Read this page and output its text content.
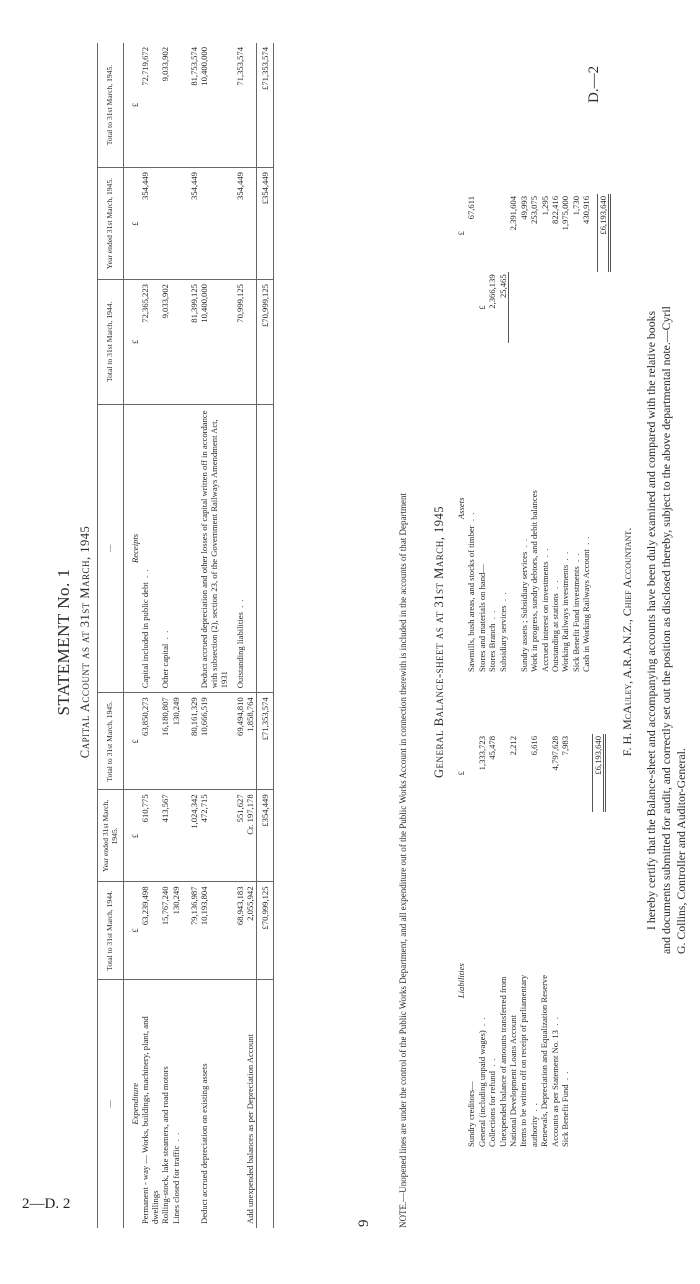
2—D. 2
9
D.—2
STATEMENT No. 1 Capital Account as at 31st March, 1945
—	Total to 31st March, 1944.	Year ended 31st March, 1945.	Total to 31st March, 1945.	—	Total to 31st March, 1944.	Year ended 31st March, 1945.	Total to 31st March, 1945.
Expenditure	£	£	£	Receipts	£	£	£
Permanent - way — Works, buildings, machinery, plant, and dwellings	63,239,498	610,775	63,850,273	Capital included in public debt  .  .	72,365,223	354,449	72,719,672
Rolling-stock, lake steamers, and road motors	15,767,240	413,567	16,180,807	Other capital  .  .	9,033,902		9,033,902
Lines closed for traffic  .  .	130,249		130,249				

	79,136,987	1,024,342	80,161,329		81,399,125	354,449	81,753,574
Deduct accrued depreciation on existing assets	10,193,804	472,715	10,666,519	Deduct accrued depreciation and other losses of capital written off in accordance with subsection (2), section 23, of the Government Railways Amendment Act, 1931	10,400,000		10,400,000

	68,943,183	551,627	69,494,810	Outstanding liabilities  .  .	70,999,125	354,449	71,353,574
Add unexpended balances as per Depreciation Account	2,055,942	Cr. 197,178	1,858,764				
	£70,999,125	£354,449	£71,353,574		£70,999,125	£354,449	£71,353,574
NOTE.—Unopened lines are under the control of the Public Works Department, and all expenditure out of the Public Works Account in connection therewith is included in the accounts of that Department General Balance-sheet as at 31st March, 1945
Liabilities	£
Sundry creditors—	
General (including unpaid wages)  .  .	1,333,723
Collections for refund  .  .	45,478
Unexpended balance of amounts transferred from	
National Development Loans Account	2,212
Items to be written off on receipt of parliamentary	
authority  .  .	6,616
Renewals, Depreciation and Equalization Reserve	
Accounts as per Statement No. 13  .  .	4,797,628
Sick Benefit Fund  .  .	7,983

	£6,193,640
Assets		£
Sawmills, bush areas, and stocks of timber  .  .		67,611
Stores and materials on hand—	£	
Stores Branch  .  .	2,366,139	
Subsidiary services  .  .	25,465	
		2,391,604
Sundry assets ; Subsidiary services  .  .		49,993
Work in progress, sundry debtors, and debit balances		253,075
Accrued interest on investments  .  .		1,295
Outstanding at stations  .  .		822,416
Working Railways investments  .  .		1,975,000
Sick Benefit Fund investments  .  .		1,730
Cash in Working Railways Account  .  .		430,916

		£6,193,640
F. H. McAuley, A.R.A.N.Z., Chief Accountant. I hereby certify that the Balance-sheet and accompanying accounts have been duly examined and compared with the relative books and documents submitted for audit, and correctly set out the position as disclosed thereby, subject to the above departmental note.—Cyril G. Collins, Controller and Auditor-General.
